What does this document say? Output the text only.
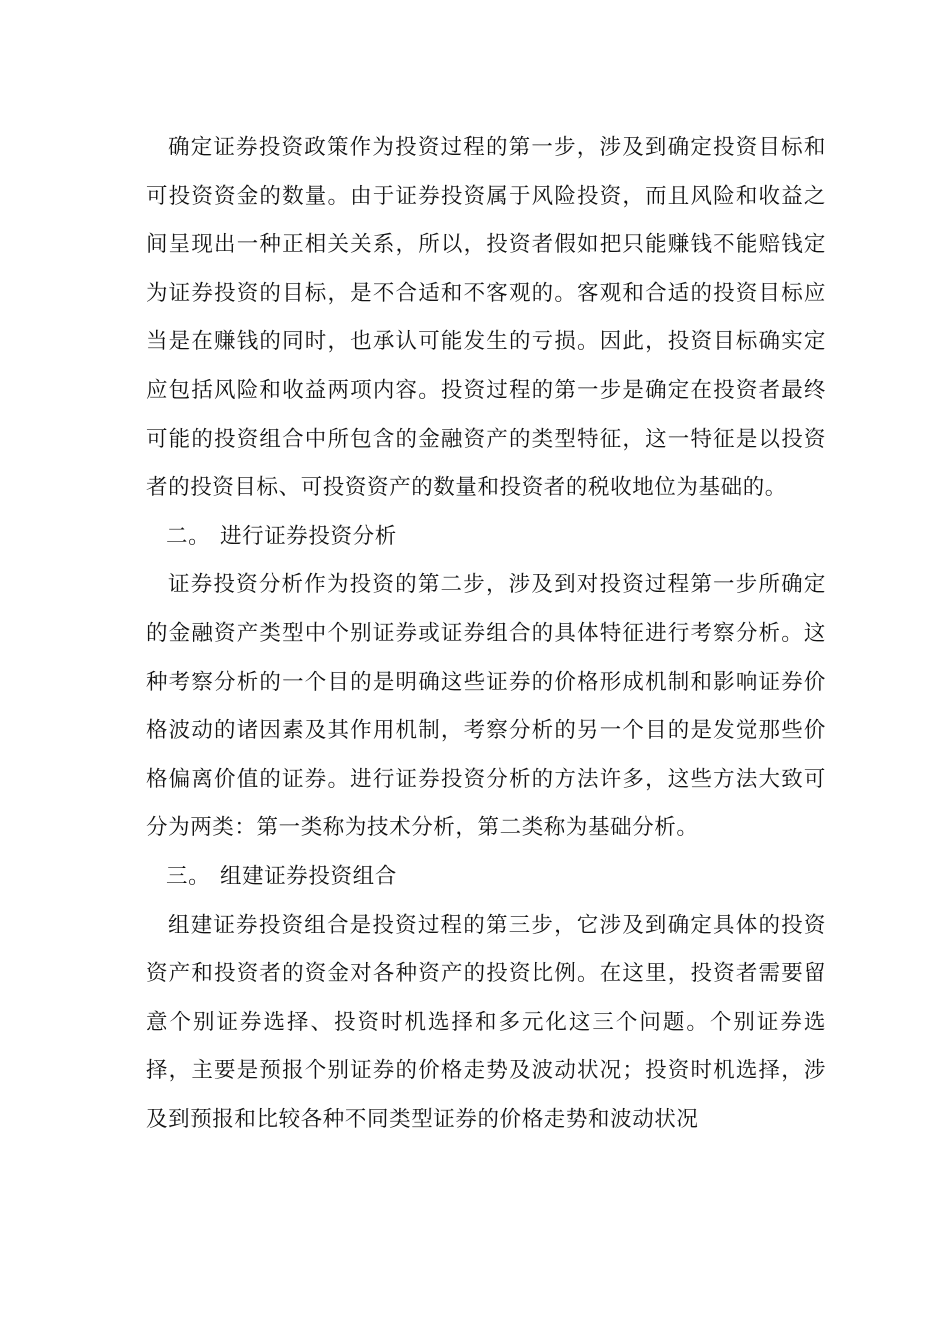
确定证券投资政策作为投资过程的第一步，涉及到确定投资目标和可投资资金的数量。由于证券投资属于风险投资，而且风险和收益之间呈现出一种正相关关系，所以，投资者假如把只能赚钱不能赔钱定为证券投资的目标，是不合适和不客观的。客观和合适的投资目标应当是在赚钱的同时，也承认可能发生的亏损。因此，投资目标确实定应包括风险和收益两项内容。投资过程的第一步是确定在投资者最终可能的投资组合中所包含的金融资产的类型特征，这一特征是以投资者的投资目标、可投资资产的数量和投资者的税收地位为基础的。

二。 进行证券投资分析

证券投资分析作为投资的第二步，涉及到对投资过程第一步所确定的金融资产类型中个别证券或证券组合的具体特征进行考察分析。这种考察分析的一个目的是明确这些证券的价格形成机制和影响证券价格波动的诸因素及其作用机制，考察分析的另一个目的是发觉那些价格偏离价值的证券。进行证券投资分析的方法许多，这些方法大致可分为两类：第一类称为技术分析，第二类称为基础分析。

三。 组建证券投资组合

组建证券投资组合是投资过程的第三步，它涉及到确定具体的投资资产和投资者的资金对各种资产的投资比例。在这里，投资者需要留意个别证券选择、投资时机选择和多元化这三个问题。个别证券选择，主要是预报个别证券的价格走势及波动状况；投资时机选择，涉及到预报和比较各种不同类型证券的价格走势和波动状况
